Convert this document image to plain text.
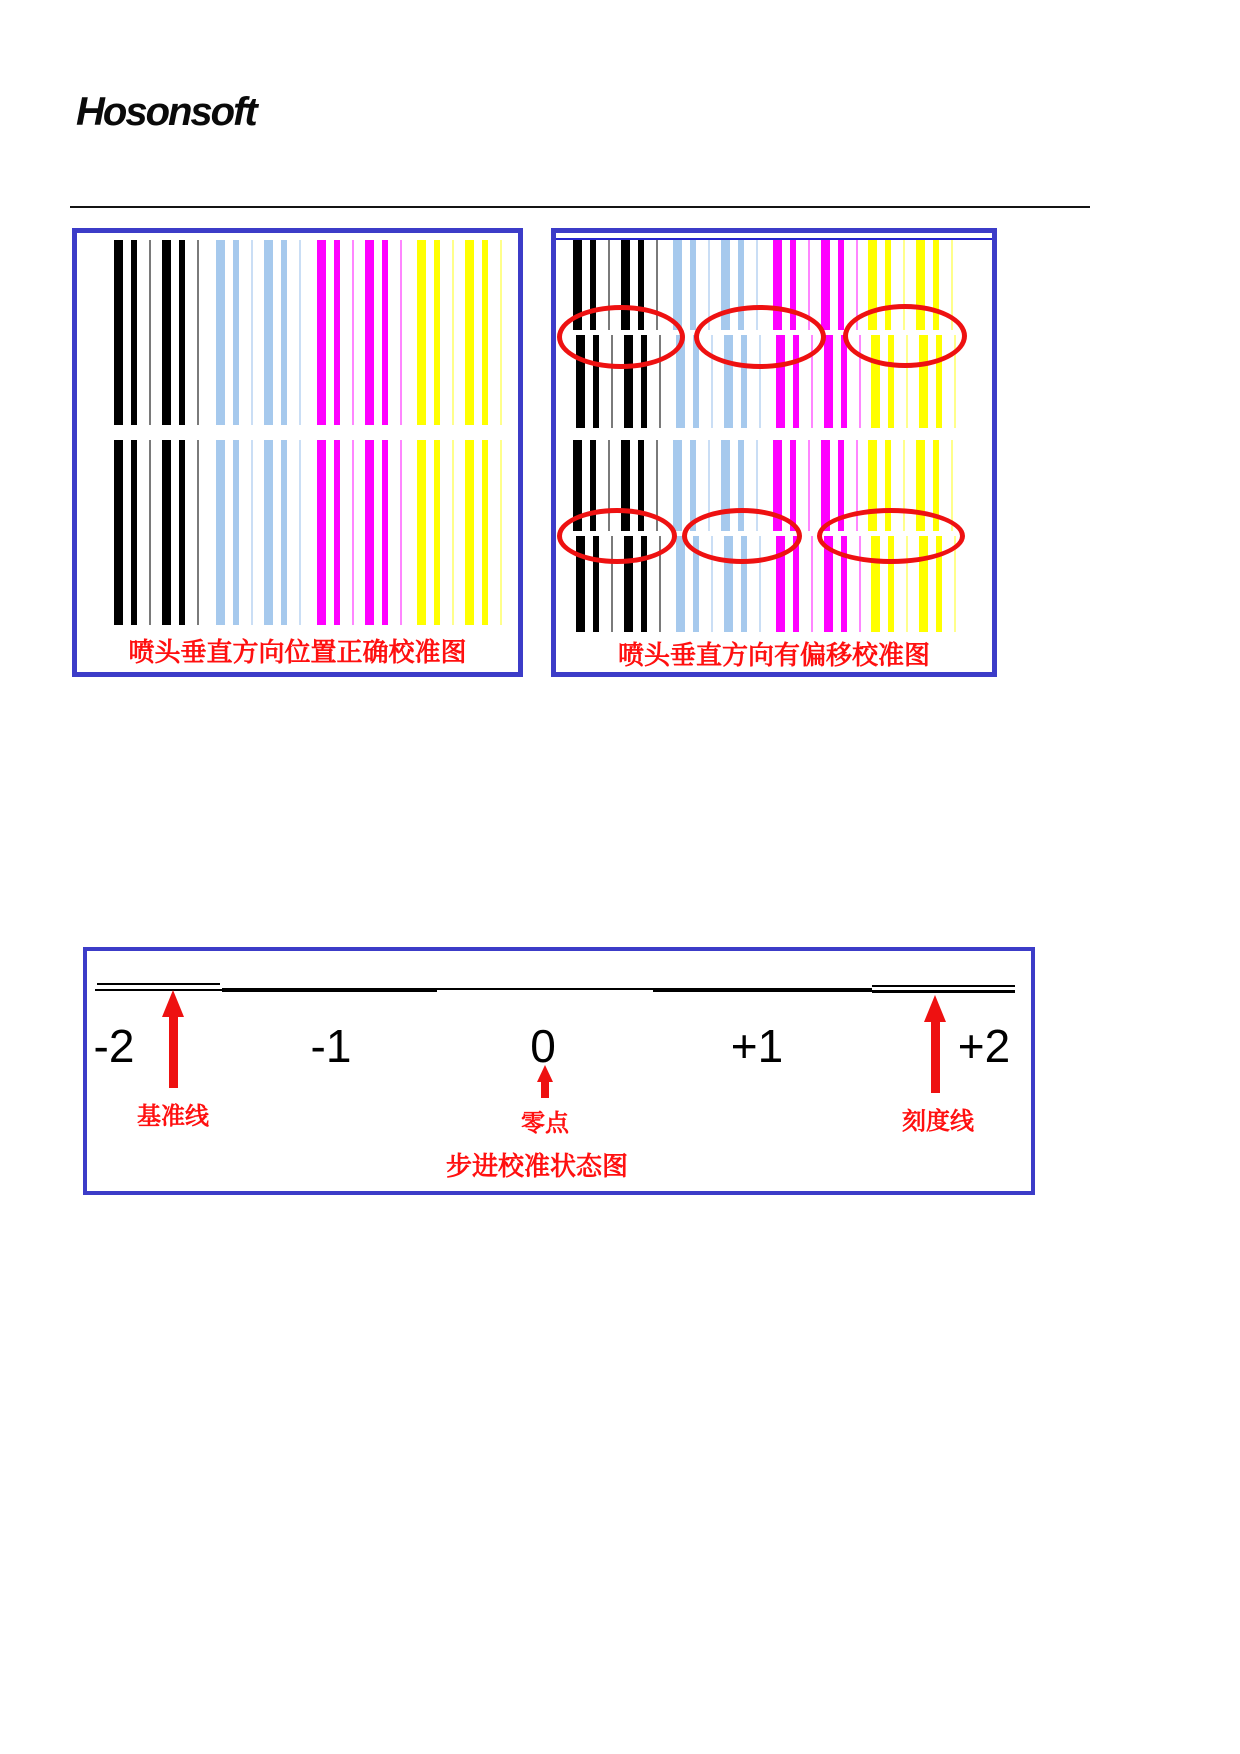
Hosonsoft
喷头垂直方向位置正确校准图	喷头垂直方向有偏移校准图
-2	-1	0	+1	+2
基准线	零点	刻度线
步进校准状态图
